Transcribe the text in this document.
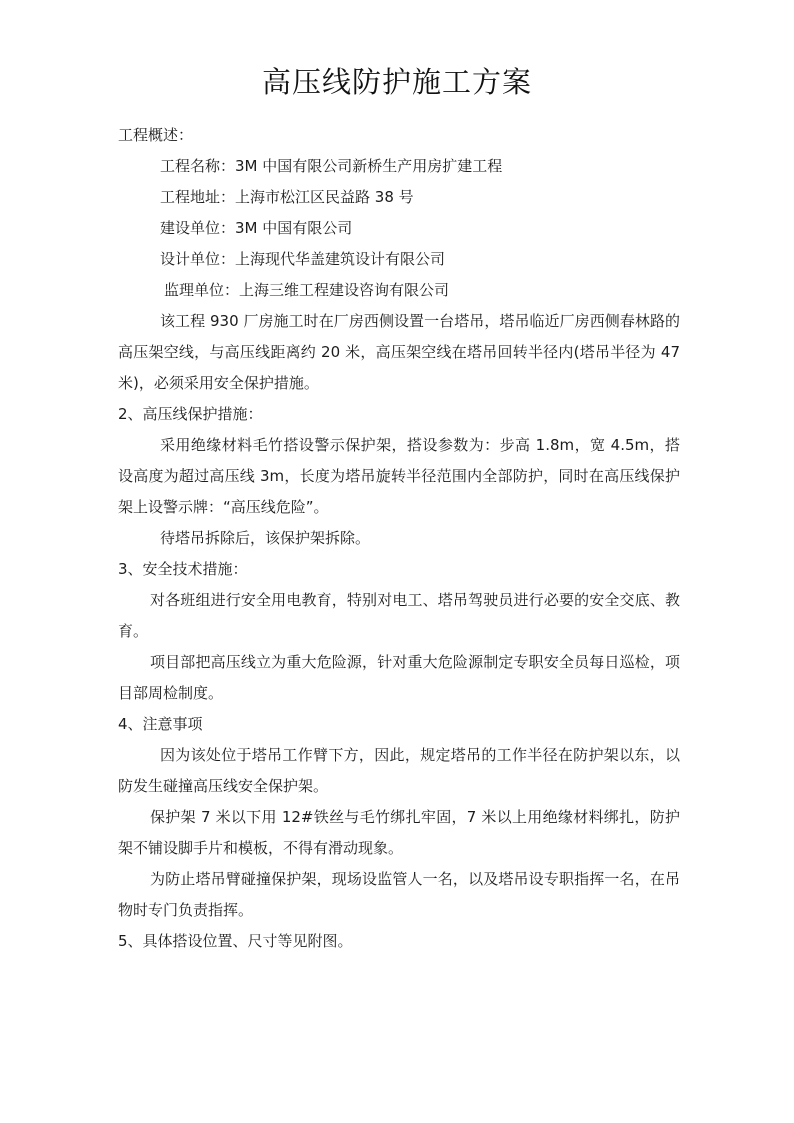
高压线防护施工方案

工程概述：

工程名称：3M 中国有限公司新桥生产用房扩建工程

工程地址：上海市松江区民益路 38 号

建设单位：3M 中国有限公司

设计单位：上海现代华盖建筑设计有限公司

监理单位：上海三维工程建设咨询有限公司

该工程 930 厂房施工时在厂房西侧设置一台塔吊，塔吊临近厂房西侧春林路的高压架空线，与高压线距离约 20 米，高压架空线在塔吊回转半径内(塔吊半径为 47 米)，必须采用安全保护措施。

2、高压线保护措施：

采用绝缘材料毛竹搭设警示保护架，搭设参数为：步高 1.8m，宽 4.5m，搭设高度为超过高压线 3m，长度为塔吊旋转半径范围内全部防护，同时在高压线保护架上设警示牌：“高压线危险”。

待塔吊拆除后，该保护架拆除。

3、安全技术措施：

对各班组进行安全用电教育，特别对电工、塔吊驾驶员进行必要的安全交底、教育。

项目部把高压线立为重大危险源，针对重大危险源制定专职安全员每日巡检，项目部周检制度。

4、注意事项

因为该处位于塔吊工作臂下方，因此，规定塔吊的工作半径在防护架以东，以防发生碰撞高压线安全保护架。

保护架 7 米以下用 12#铁丝与毛竹绑扎牢固，7 米以上用绝缘材料绑扎，防护架不铺设脚手片和模板，不得有滑动现象。

为防止塔吊臂碰撞保护架，现场设监管人一名，以及塔吊设专职指挥一名，在吊物时专门负责指挥。

5、具体搭设位置、尺寸等见附图。
